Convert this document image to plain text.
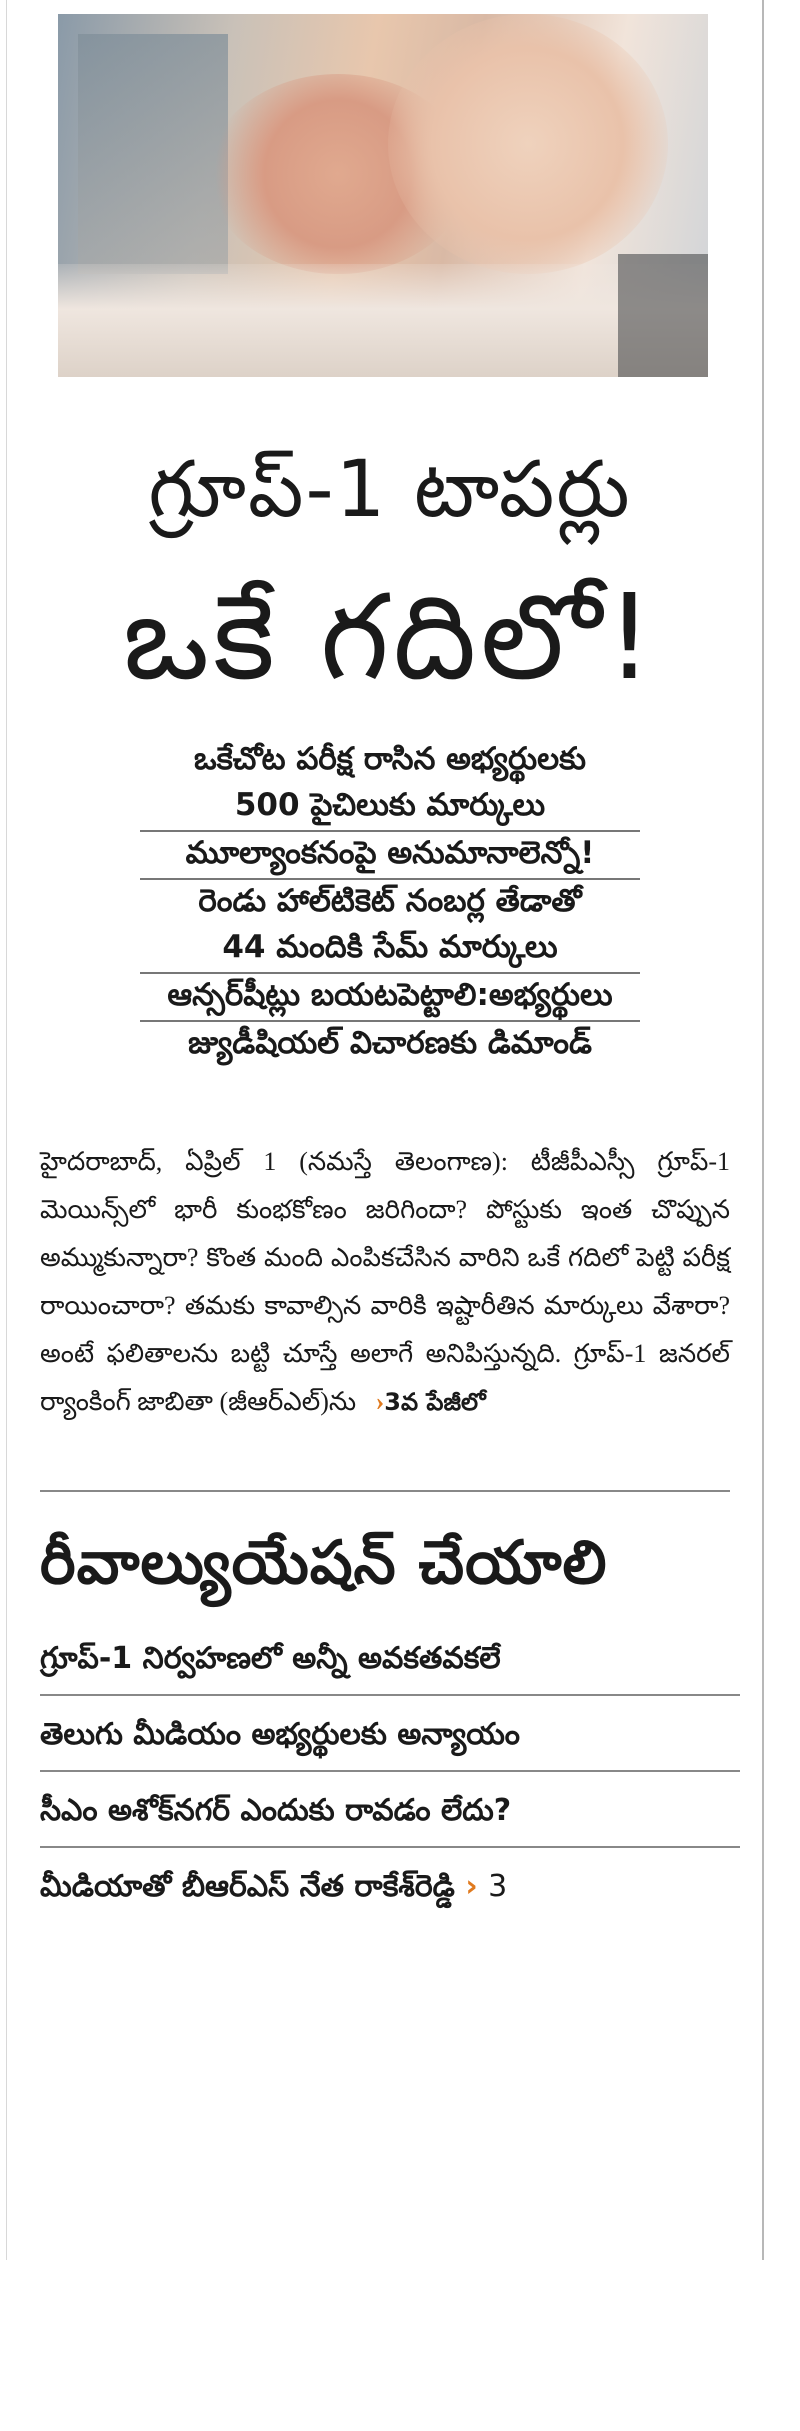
గ్రూప్‌-1 టాపర్లు
ఒకే గదిలో!
ఒకేచోట పరీక్ష రాసిన అభ్యర్థులకు
500 పైచిలుకు మార్కులు
మూల్యాంకనంపై అనుమానాలెన్నో!
రెండు హాల్‌టికెట్‌ నంబర్ల తేడాతో
44 మందికి సేమ్‌ మార్కులు
ఆన్సర్‌షీట్లు బయటపెట్టాలి:అభ్యర్థులు
జ్యుడీషియల్‌ విచారణకు డిమాండ్‌

హైదరాబాద్‌, ఏప్రిల్‌ 1 (నమస్తే తెలంగాణ): టీజీపీఎస్సీ గ్రూప్‌-1 మెయిన్స్‌లో భారీ కుంభకోణం జరిగిందా? పోస్టుకు ఇంత చొప్పున అమ్ముకున్నారా? కొంత మంది ఎంపికచేసిన వారిని ఒకే గదిలో పెట్టి పరీక్ష రాయించారా? తమకు కావాల్సిన వారికి ఇష్టారీతిన మార్కులు వేశారా? అంటే ఫలితాలను బట్టి చూస్తే అలాగే అనిపిస్తున్నది. గ్రూప్‌-1 జనరల్‌ ర్యాంకింగ్‌ జాబితా (జీఆర్‌ఎల్‌)ను ›3వ పేజీలో

రీవాల్యుయేషన్‌ చేయాలి
గ్రూప్‌-1 నిర్వహణలో అన్నీ అవకతవకలే
తెలుగు మీడియం అభ్యర్థులకు అన్యాయం
సీఎం అశోక్‌నగర్‌ ఎందుకు రావడం లేదు?
మీడియాతో బీఆర్‌ఎస్‌ నేత రాకేశ్‌రెడ్డి › 3
